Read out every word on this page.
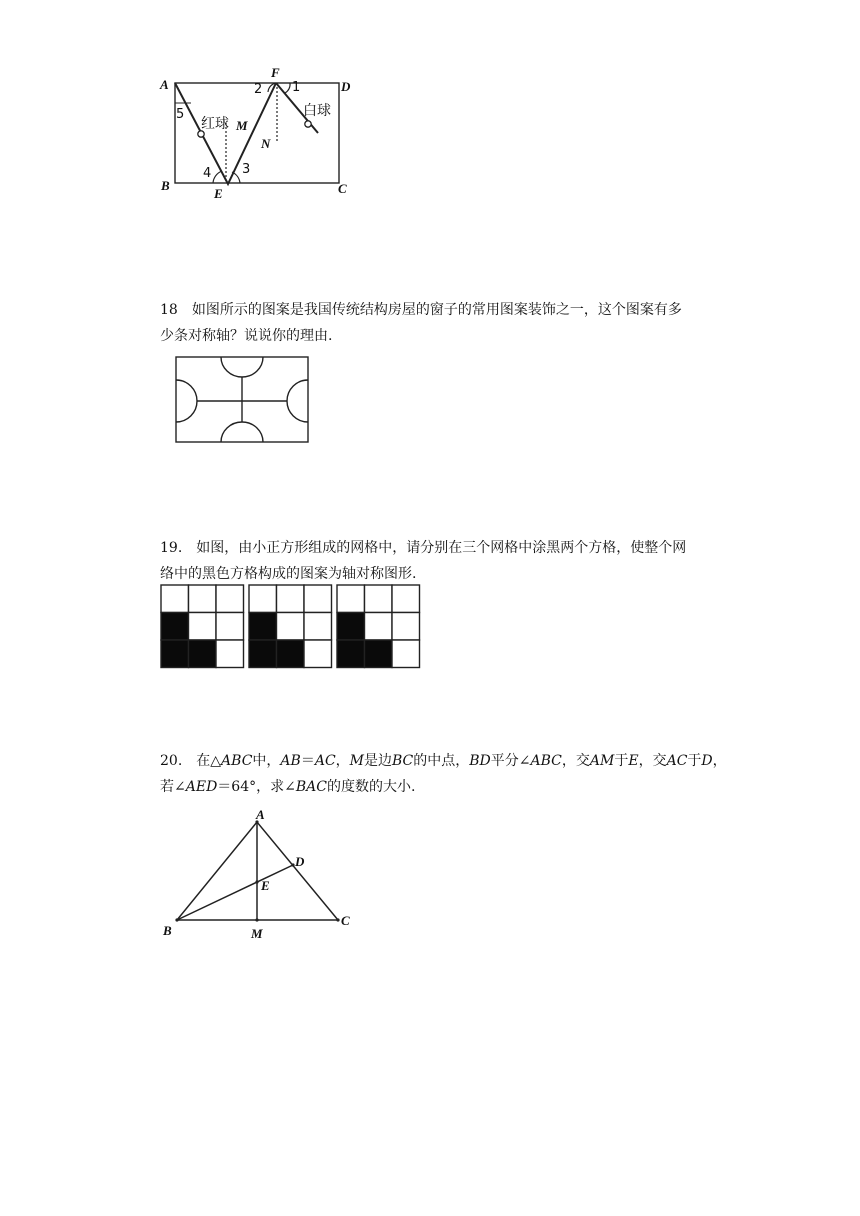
A
B	C
D
E
F
M
N
1
2
3
4
5
红球
白球
18 如图所示的图案是我国传统结构房屋的窗子的常用图案装饰之一，这个图案有多
少条对称轴？说说你的理由.
19. 如图，由小正方形组成的网格中，请分别在三个网格中涂黑两个方格，使整个网
络中的黑色方格构成的图案为轴对称图形.
20. 在△ABC中，AB＝AC，M是边BC的中点，BD平分∠ABC，交AM于E，交AC于D，
若∠AED＝64°，求∠BAC的度数的大小.
A
B
C
D
E
M
